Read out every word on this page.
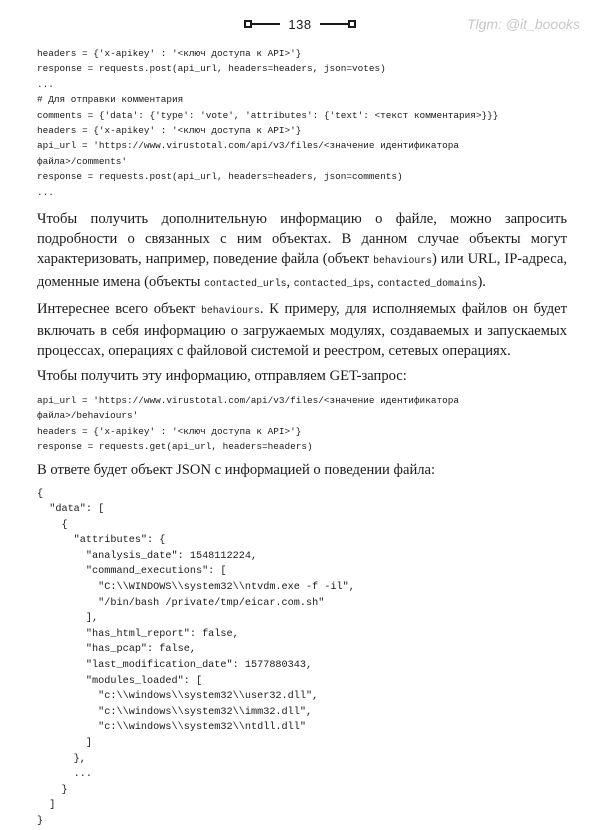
138	Tlgm: @it_boooks
headers = {'x-apikey' : '<ключ доступа к API>'}
response = requests.post(api_url, headers=headers, json=votes)
...
# Для отправки комментария
comments = {'data': {'type': 'vote', 'attributes': {'text': <текст комментария>}}}
headers = {'x-apikey' : '<ключ доступа к API>'}
api_url = 'https://www.virustotal.com/api/v3/files/<значение идентификатора
файла>/comments'
response = requests.post(api_url, headers=headers, json=comments)
...

Чтобы получить дополнительную информацию о файле, можно запросить подробности о связанных с ним объектах. В данном случае объекты могут характеризовать, например, поведение файла (объект behaviours) или URL, IP-адреса, доменные имена (объекты contacted_urls, contacted_ips, contacted_domains).

Интереснее всего объект behaviours. К примеру, для исполняемых файлов он будет включать в себя информацию о загружаемых модулях, создаваемых и запускаемых процессах, операциях с файловой системой и реестром, сетевых операциях.

Чтобы получить эту информацию, отправляем GET-запрос:

api_url = 'https://www.virustotal.com/api/v3/files/<значение идентификатора
файла>/behaviours'
headers = {'x-apikey' : '<ключ доступа к API>'}
response = requests.get(api_url, headers=headers)

В ответе будет объект JSON с информацией о поведении файла:

{
"data": [
{
"attributes": {
"analysis_date": 1548112224,
"command_executions": [
"C:\\WINDOWS\\system32\\ntvdm.exe -f -il",
"/bin/bash /private/tmp/eicar.com.sh"
],
"has_html_report": false,
"has_pcap": false,
"last_modification_date": 1577880343,
"modules_loaded": [
"c:\\windows\\system32\\user32.dll",
"c:\\windows\\system32\\imm32.dll",
"c:\\windows\\system32\\ntdll.dll"
]
},
...
}
]
}
